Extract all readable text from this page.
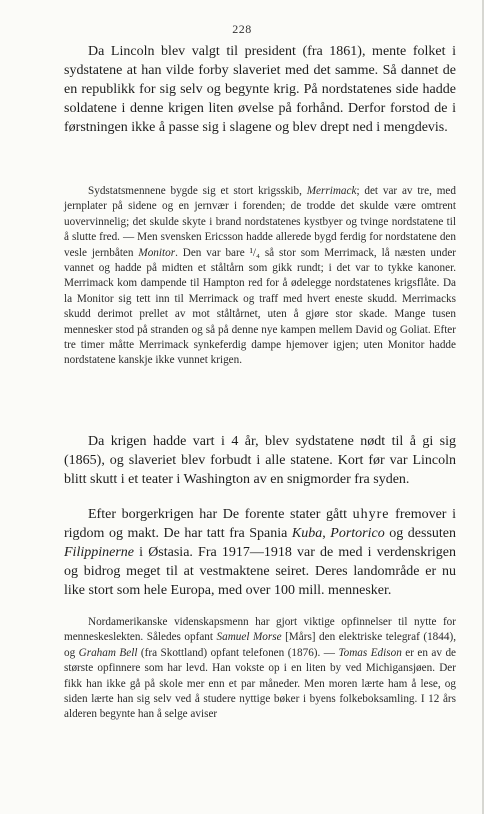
228

Da Lincoln blev valgt til president (fra 1861), mente folket i sydstatene at han vilde forby slaveriet med det samme. Så dannet de en republikk for sig selv og begynte krig. På nordstatenes side hadde soldatene i denne krigen liten øvelse på forhånd. Derfor forstod de i førstningen ikke å passe sig i slagene og blev drept ned i mengdevis.

Sydstatsmennene bygde sig et stort krigsskib, Merrimack; det var av tre, med jernplater på sidene og en jernvær i forenden; de trodde det skulde være omtrent uovervinnelig; det skulde skyte i brand nordstatenes kystbyer og tvinge nordstatene til å slutte fred. — Men svensken Ericsson hadde allerede bygd ferdig for nordstatene den vesle jernbåten Monitor. Den var bare ¹/₄ så stor som Merrimack, lå næsten under vannet og hadde på midten et ståltårn som gikk rundt; i det var to tykke kanoner. Merrimack kom dampende til Hampton red for å ødelegge nordstatenes krigsflåte. Da la Monitor sig tett inn til Merrimack og traff med hvert eneste skudd. Merrimacks skudd derimot prellet av mot ståltårnet, uten å gjøre stor skade. Mange tusen mennesker stod på stranden og så på denne nye kampen mellem David og Goliat. Efter tre timer måtte Merrimack synkeferdig dampe hjemover igjen; uten Monitor hadde nordstatene kanskje ikke vunnet krigen.

Da krigen hadde vart i 4 år, blev sydstatene nødt til å gi sig (1865), og slaveriet blev forbudt i alle statene. Kort før var Lincoln blitt skutt i et teater i Washington av en snigmorder fra syden.

Efter borgerkrigen har De forente stater gått uhyre fremover i rigdom og makt. De har tatt fra Spania Kuba, Portorico og dessuten Filippinerne i Østasia. Fra 1917—1918 var de med i verdenskrigen og bidrog meget til at vestmaktene seiret. Deres landområde er nu like stort som hele Europa, med over 100 mill. mennesker.

Nordamerikanske videnskapsmenn har gjort viktige opfinnelser til nytte for menneskeslekten. Således opfant Samuel Morse [Mårs] den elektriske telegraf (1844), og Graham Bell (fra Skottland) opfant telefonen (1876). — Tomas Edison er en av de største opfinnere som har levd. Han vokste op i en liten by ved Michigansjøen. Der fikk han ikke gå på skole mer enn et par måneder. Men moren lærte ham å lese, og siden lærte han sig selv ved å studere nyttige bøker i byens folkeboksamling. I 12 års alderen begynte han å selge aviser
